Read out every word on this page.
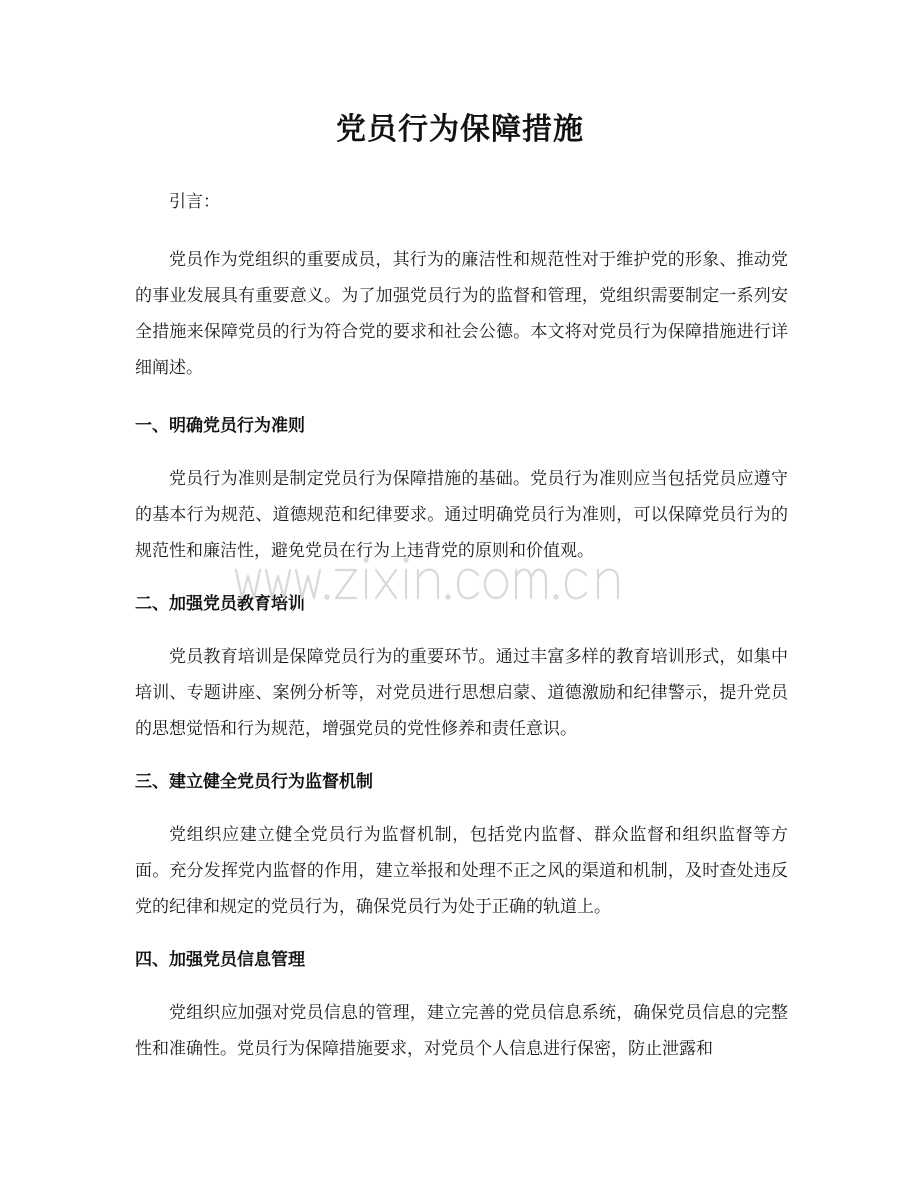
党员行为保障措施

引言：

党员作为党组织的重要成员，其行为的廉洁性和规范性对于维护党的形象、推动党的事业发展具有重要意义。为了加强党员行为的监督和管理，党组织需要制定一系列安全措施来保障党员的行为符合党的要求和社会公德。本文将对党员行为保障措施进行详细阐述。

一、明确党员行为准则

党员行为准则是制定党员行为保障措施的基础。党员行为准则应当包括党员应遵守的基本行为规范、道德规范和纪律要求。通过明确党员行为准则，可以保障党员行为的规范性和廉洁性，避免党员在行为上违背党的原则和价值观。

二、加强党员教育培训

党员教育培训是保障党员行为的重要环节。通过丰富多样的教育培训形式，如集中培训、专题讲座、案例分析等，对党员进行思想启蒙、道德激励和纪律警示，提升党员的思想觉悟和行为规范，增强党员的党性修养和责任意识。

三、建立健全党员行为监督机制

党组织应建立健全党员行为监督机制，包括党内监督、群众监督和组织监督等方面。充分发挥党内监督的作用，建立举报和处理不正之风的渠道和机制，及时查处违反党的纪律和规定的党员行为，确保党员行为处于正确的轨道上。

四、加强党员信息管理

党组织应加强对党员信息的管理，建立完善的党员信息系统，确保党员信息的完整性和准确性。党员行为保障措施要求，对党员个人信息进行保密，防止泄露和
